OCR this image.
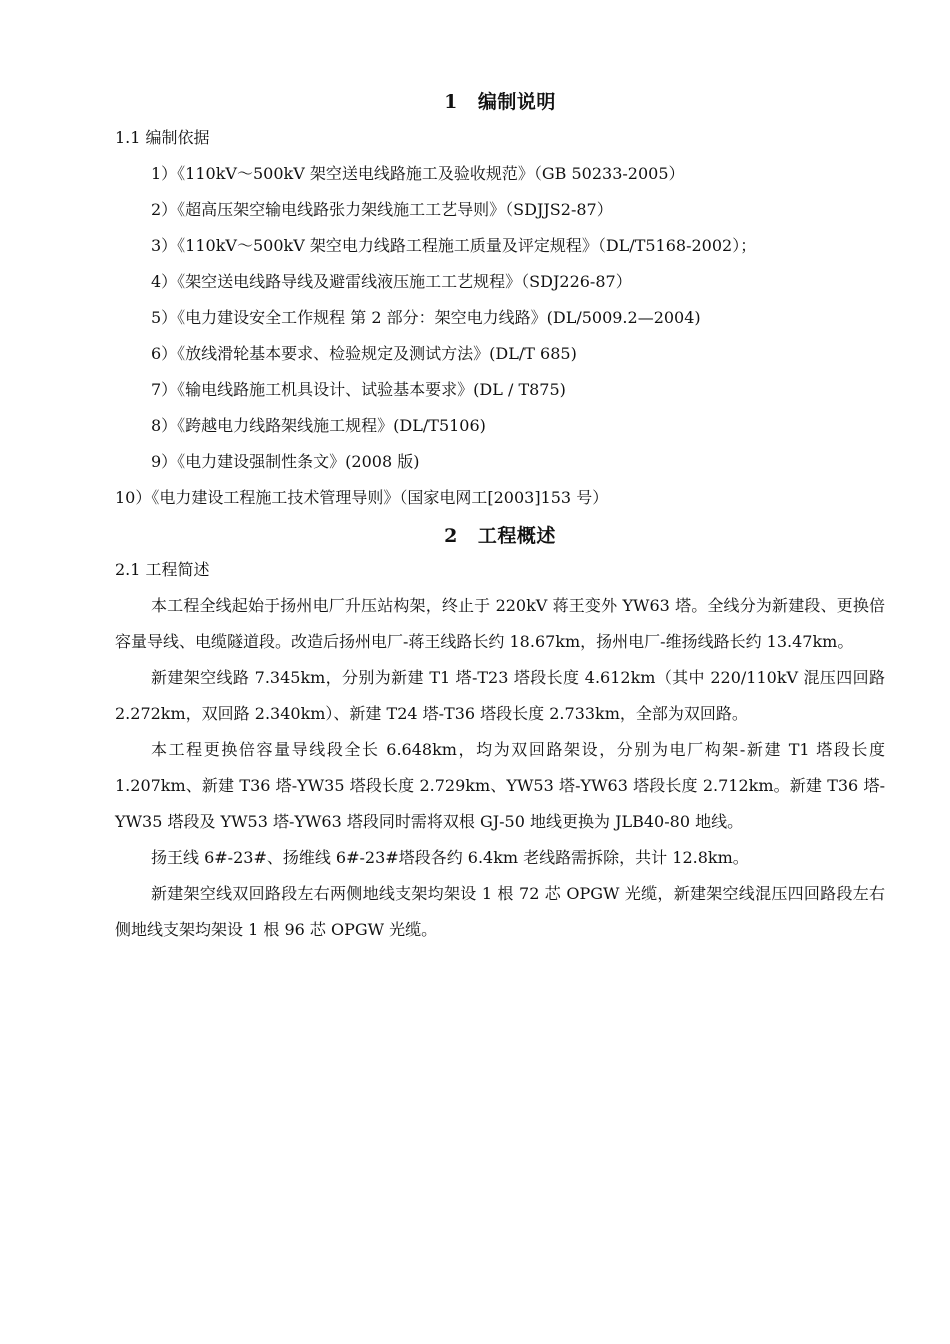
1 编制说明

1.1 编制依据

1）《110kV～500kV 架空送电线路施工及验收规范》（GB 50233-2005）

2）《超高压架空输电线路张力架线施工工艺导则》（SDJJS2-87）

3）《110kV～500kV 架空电力线路工程施工质量及评定规程》（DL/T5168-2002）；

4）《架空送电线路导线及避雷线液压施工工艺规程》（SDJ226-87）

5）《电力建设安全工作规程 第 2 部分：架空电力线路》(DL/5009.2—2004)

6）《放线滑轮基本要求、检验规定及测试方法》(DL/T 685)

7）《输电线路施工机具设计、试验基本要求》(DL / T875)

8）《跨越电力线路架线施工规程》(DL/T5106)

9）《电力建设强制性条文》(2008 版)

10）《电力建设工程施工技术管理导则》（国家电网工[2003]153 号）

2 工程概述

2.1 工程简述

本工程全线起始于扬州电厂升压站构架，终止于 220kV 蒋王变外 YW63 塔。全线分为新建段、更换倍容量导线、电缆隧道段。改造后扬州电厂-蒋王线路长约 18.67km，扬州电厂-维扬线路长约 13.47km。

新建架空线路 7.345km，分别为新建 T1 塔-T23 塔段长度 4.612km（其中 220/110kV 混压四回路 2.272km，双回路 2.340km）、新建 T24 塔-T36 塔段长度 2.733km，全部为双回路。

本工程更换倍容量导线段全长 6.648km，均为双回路架设，分别为电厂构架-新建 T1 塔段长度 1.207km、新建 T36 塔-YW35 塔段长度 2.729km、YW53 塔-YW63 塔段长度 2.712km。新建 T36 塔-YW35 塔段及 YW53 塔-YW63 塔段同时需将双根 GJ-50 地线更换为 JLB40-80 地线。

扬王线 6#-23#、扬维线 6#-23#塔段各约 6.4km 老线路需拆除，共计 12.8km。

新建架空线双回路段左右两侧地线支架均架设 1 根 72 芯 OPGW 光缆，新建架空线混压四回路段左右侧地线支架均架设 1 根 96 芯 OPGW 光缆。
